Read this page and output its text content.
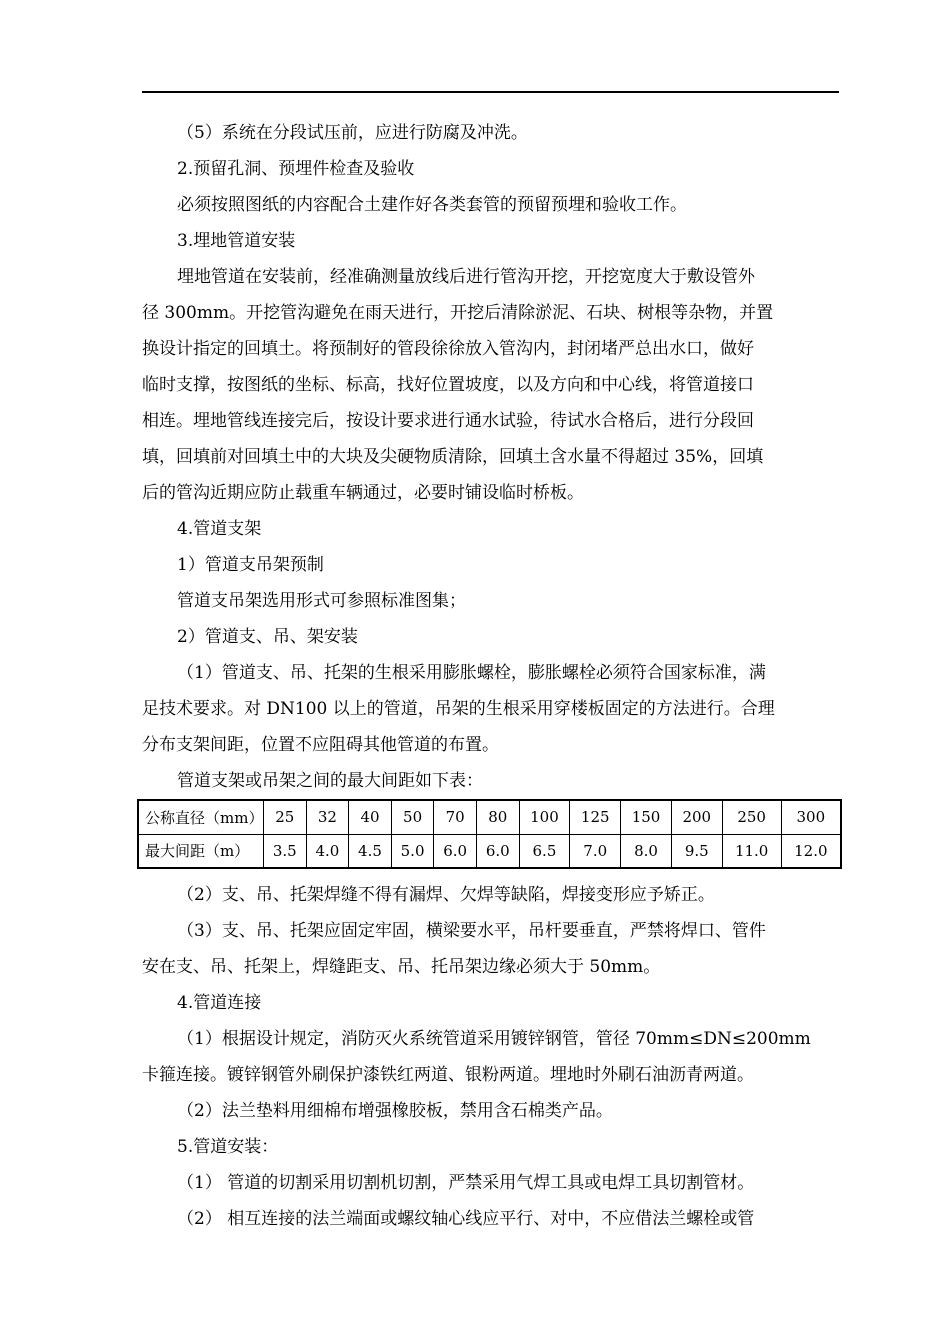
（5）系统在分段试压前，应进行防腐及冲洗。

2.预留孔洞、预埋件检查及验收

必须按照图纸的内容配合土建作好各类套管的预留预埋和验收工作。

3.埋地管道安装

埋地管道在安装前，经准确测量放线后进行管沟开挖，开挖宽度大于敷设管外

径 300mm。开挖管沟避免在雨天进行，开挖后清除淤泥、石块、树根等杂物，并置

换设计指定的回填土。将预制好的管段徐徐放入管沟内，封闭堵严总出水口，做好

临时支撑，按图纸的坐标、标高，找好位置坡度，以及方向和中心线，将管道接口

相连。埋地管线连接完后，按设计要求进行通水试验，待试水合格后，进行分段回

填，回填前对回填土中的大块及尖硬物质清除，回填土含水量不得超过 35%，回填

后的管沟近期应防止载重车辆通过，必要时铺设临时桥板。

4.管道支架

1）管道支吊架预制

管道支吊架选用形式可参照标准图集；

2）管道支、吊、架安装

（1）管道支、吊、托架的生根采用膨胀螺栓，膨胀螺栓必须符合国家标准，满

足技术要求。对 DN100 以上的管道，吊架的生根采用穿楼板固定的方法进行。合理

分布支架间距，位置不应阻碍其他管道的布置。

管道支架或吊架之间的最大间距如下表：

公称直径（mm）	25	32	40	50	70	80	100	125	150	200	250	300
最大间距（m）	3.5	4.0	4.5	5.0	6.0	6.0	6.5	7.0	8.0	9.5	11.0	12.0

（2）支、吊、托架焊缝不得有漏焊、欠焊等缺陷，焊接变形应予矫正。

（3）支、吊、托架应固定牢固，横梁要水平，吊杆要垂直，严禁将焊口、管件

安在支、吊、托架上，焊缝距支、吊、托吊架边缘必须大于 50mm。

4.管道连接

（1）根据设计规定，消防灭火系统管道采用镀锌钢管，管径 70mm≤DN≤200mm

卡箍连接。镀锌钢管外刷保护漆铁红两道、银粉两道。埋地时外刷石油沥青两道。

（2）法兰垫料用细棉布增强橡胶板，禁用含石棉类产品。

5.管道安装：

（1） 管道的切割采用切割机切割，严禁采用气焊工具或电焊工具切割管材。

（2） 相互连接的法兰端面或螺纹轴心线应平行、对中，不应借法兰螺栓或管
